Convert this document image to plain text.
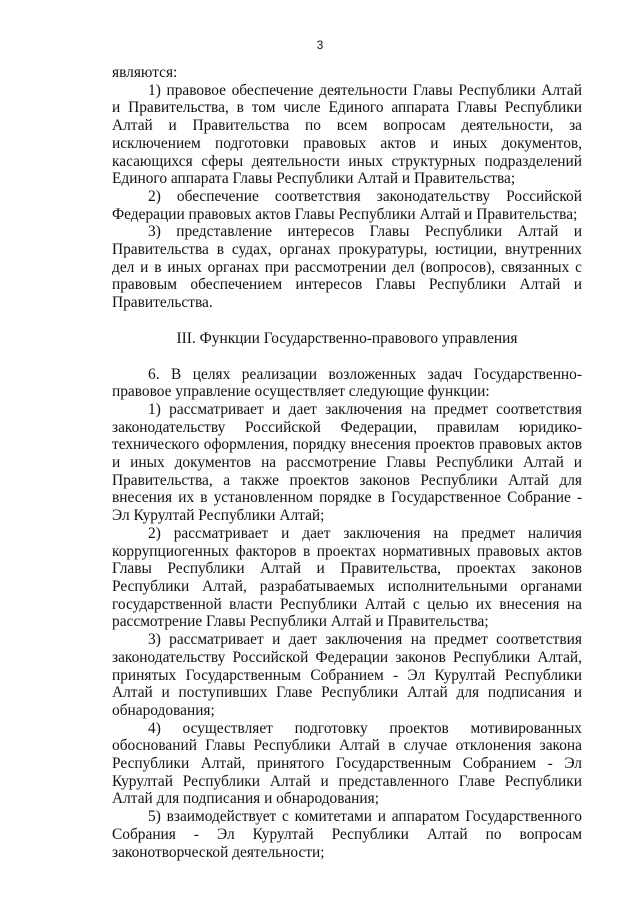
3

являются:

1) правовое обеспечение деятельности Главы Республики Алтай и Правительства, в том числе Единого аппарата Главы Республики Алтай и Правительства по всем вопросам деятельности, за исключением подготовки правовых актов и иных документов, касающихся сферы деятельности иных структурных подразделений Единого аппарата Главы Республики Алтай и Правительства;

2) обеспечение соответствия законодательству Российской Федерации правовых актов Главы Республики Алтай и Правительства;

3) представление интересов Главы Республики Алтай и Правительства в судах, органах прокуратуры, юстиции, внутренних дел и в иных органах при рассмотрении дел (вопросов), связанных с правовым обеспечением интересов Главы Республики Алтай и Правительства.

III. Функции Государственно-правового управления

6. В целях реализации возложенных задач Государственно-правовое управление осуществляет следующие функции:

1) рассматривает и дает заключения на предмет соответствия законодательству Российской Федерации, правилам юридико-технического оформления, порядку внесения проектов правовых актов и иных документов на рассмотрение Главы Республики Алтай и Правительства, а также проектов законов Республики Алтай для внесения их в установленном порядке в Государственное Собрание - Эл Курултай Республики Алтай;

2) рассматривает и дает заключения на предмет наличия коррупциогенных факторов в проектах нормативных правовых актов Главы Республики Алтай и Правительства, проектах законов Республики Алтай, разрабатываемых исполнительными органами государственной власти Республики Алтай с целью их внесения на рассмотрение Главы Республики Алтай и Правительства;

3) рассматривает и дает заключения на предмет соответствия законодательству Российской Федерации законов Республики Алтай, принятых Государственным Собранием - Эл Курултай Республики Алтай и поступивших Главе Республики Алтай для подписания и обнародования;

4) осуществляет подготовку проектов мотивированных обоснований Главы Республики Алтай в случае отклонения закона Республики Алтай, принятого Государственным Собранием - Эл Курултай Республики Алтай и представленного Главе Республики Алтай для подписания и обнародования;

5) взаимодействует с комитетами и аппаратом Государственного Собрания - Эл Курултай Республики Алтай по вопросам законотворческой деятельности;
